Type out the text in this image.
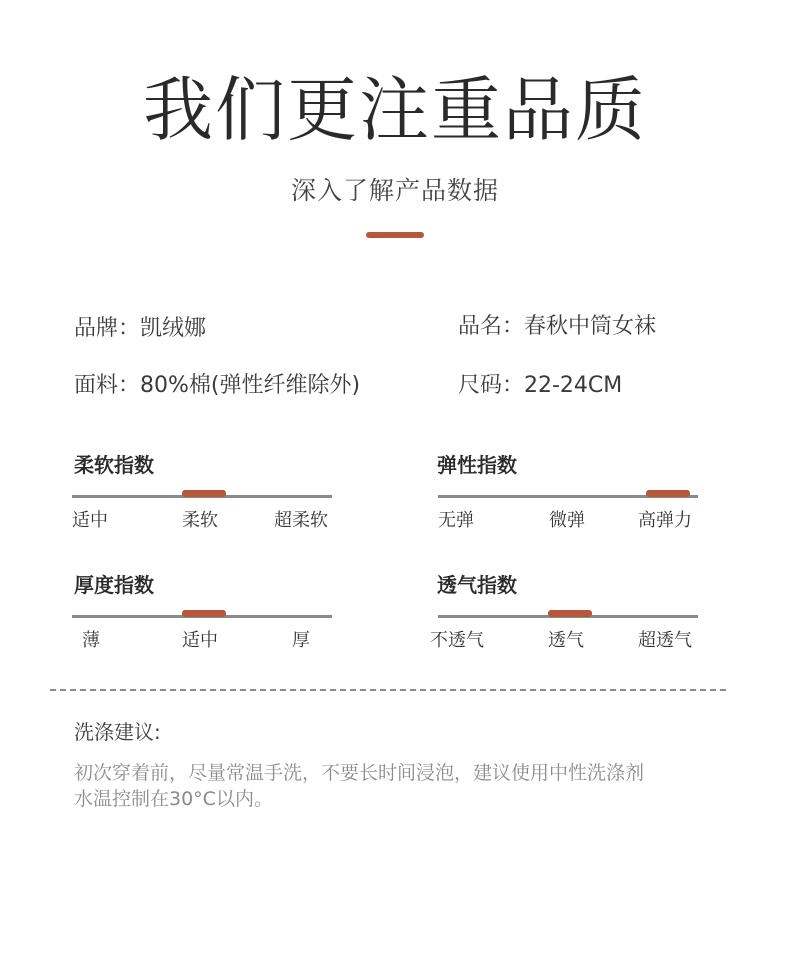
我们更注重品质
深入了解产品数据
品牌：凯绒娜	品名：春秋中筒女袜
面料：80%棉(弹性纤维除外)	尺码：22-24CM
柔软指数
适中	柔软	超柔软
弹性指数
无弹	微弹	高弹力
厚度指数
薄	适中	厚
透气指数
不透气	透气	超透气
洗涤建议:
初次穿着前，尽量常温手洗，不要长时间浸泡，建议使用中性洗涤剂
水温控制在30°C以内。
